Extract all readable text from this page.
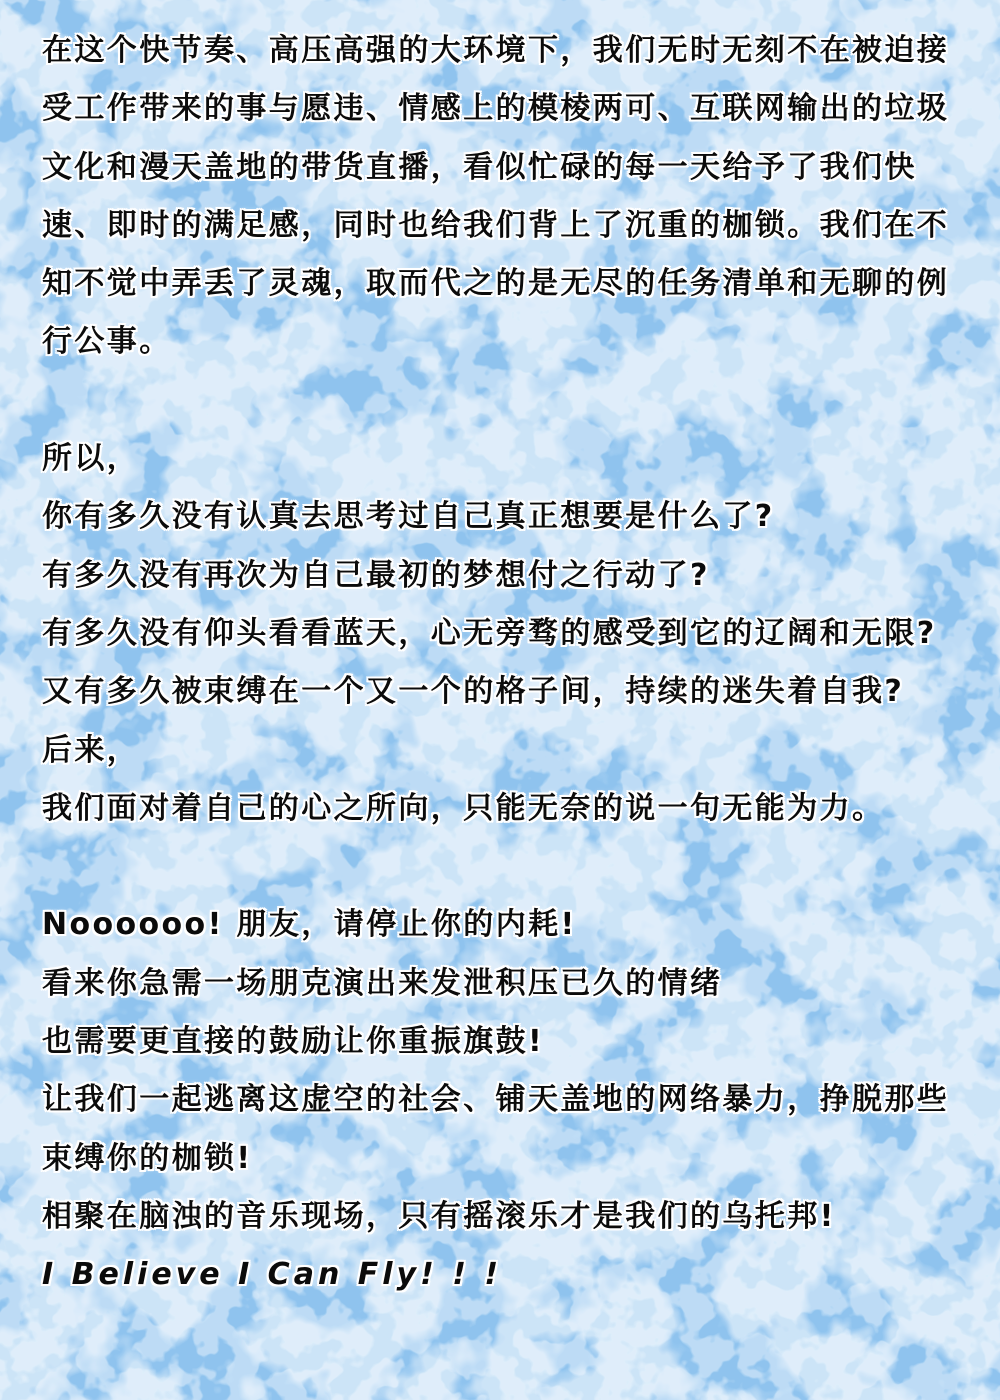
在这个快节奏、高压高强的大环境下，我们无时无刻不在被迫接
受工作带来的事与愿违、情感上的模棱两可、互联网输出的垃圾
文化和漫天盖地的带货直播，看似忙碌的每一天给予了我们快
速、即时的满足感，同时也给我们背上了沉重的枷锁。我们在不
知不觉中弄丢了灵魂，取而代之的是无尽的任务清单和无聊的例
行公事。
所以，
你有多久没有认真去思考过自己真正想要是什么了?
有多久没有再次为自己最初的梦想付之行动了?
有多久没有仰头看看蓝天，心无旁骛的感受到它的辽阔和无限?
又有多久被束缚在一个又一个的格子间，持续的迷失着自我?
后来，
我们面对着自己的心之所向，只能无奈的说一句无能为力。
Noooooo! 朋友，请停止你的内耗!
看来你急需一场朋克演出来发泄积压已久的情绪
也需要更直接的鼓励让你重振旗鼓!
让我们一起逃离这虚空的社会、铺天盖地的网络暴力，挣脱那些
束缚你的枷锁!
相聚在脑浊的音乐现场，只有摇滚乐才是我们的乌托邦!
I Believe I Can Fly! ! !
